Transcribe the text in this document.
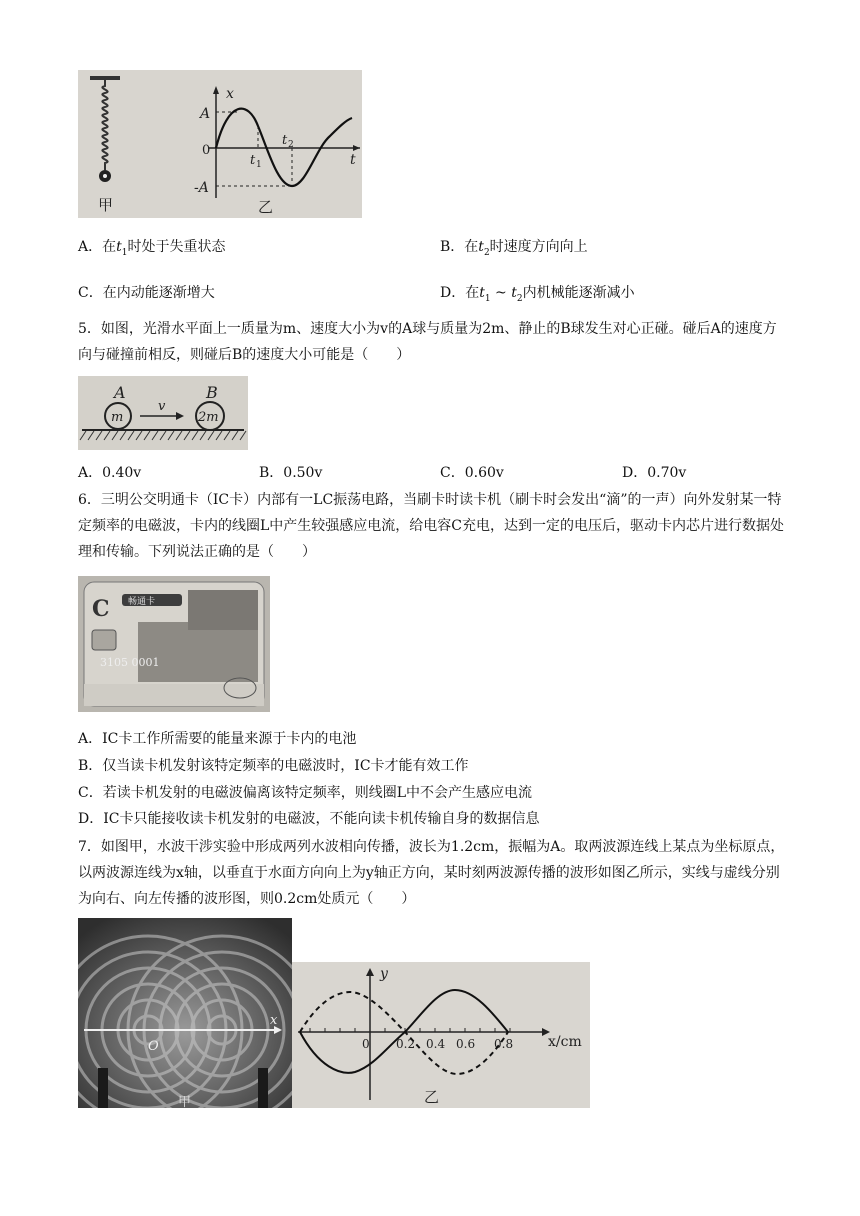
甲
x
t
A
0
-A
t 1
t 2
乙
A．在$t_1$时处于失重状态	B．在$t_2$时速度方向向上
C．在内动能逐渐增大	D．在$t_1$ ~ $t_2$内机械能逐渐减小
5．如图，光滑水平面上一质量为m、速度大小为v的A球与质量为2m、静止的B球发生对心正碰。碰后A的速度方向与碰撞前相反，则碰后B的速度大小可能是（　　）
A	B
m	2m
v
A．0.40v	B．0.50v	C．0.60v	D．0.70v
6．三明公交明通卡（IC卡）内部有一LC振荡电路，当刷卡时读卡机（刷卡时会发出“滴”的一声）向外发射某一特定频率的电磁波，卡内的线圈L中产生较强感应电流，给电容C充电，达到一定的电压后，驱动卡内芯片进行数据处理和传输。下列说法正确的是（　　）
C 畅通卡
3105 0001
A．IC卡工作所需要的能量来源于卡内的电池
B．仅当读卡机发射该特定频率的电磁波时，IC卡才能有效工作
C．若读卡机发射的电磁波偏离该特定频率，则线圈L中不会产生感应电流
D．IC卡只能接收读卡机发射的电磁波，不能向读卡机传输自身的数据信息
7．如图甲，水波干涉实验中形成两列水波相向传播，波长为1.2cm，振幅为A。取两波源连线上某点为坐标原点，以两波源连线为x轴，以垂直于水面方向向上为y轴正方向，某时刻两波源传播的波形如图乙所示，实线与虚线分别为向右、向左传播的波形图，则0.2cm处质元（　　）
x
O
甲
y
x/cm
0 0.2 0.4 0.6 0.8
乙
